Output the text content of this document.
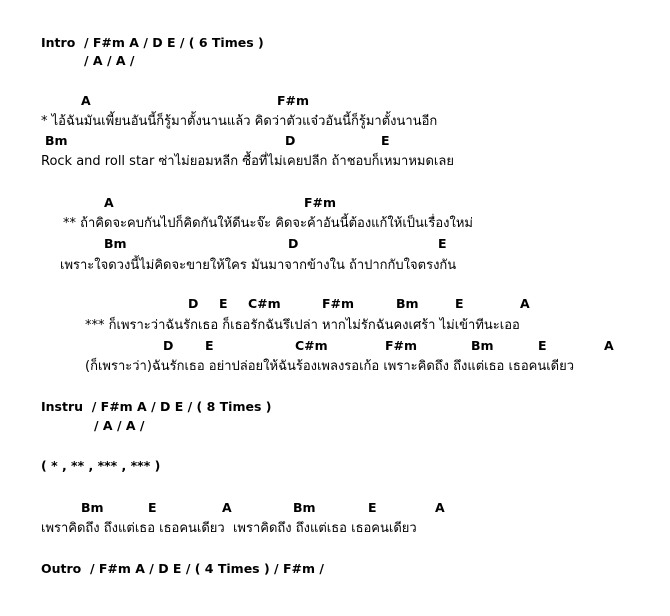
Intro  / F#m A / D E / ( 6 Times )
/ A / A /
A	F#m
* ไอ้ฉันมันเพี้ยนอันนี้ก็รู้มาตั้งนานแล้ว คิดว่าตัวแจ๋วอันนี้ก็รู้มาตั้งนานอีก
Bm	D	E
Rock and roll star ซ่าไม่ยอมหลีก ซื้อที่ไม่เคยปลีก ถ้าชอบก็เหมาหมดเลย
A	F#m
** ถ้าคิดจะคบกันไปก็คิดกันให้ดีนะจ๊ะ คิดจะค้าอันนี้ต้องแก้ให้เป็นเรื่องใหม่
Bm	D	E
เพราะใจดวงนี้ไม่คิดจะขายให้ใคร มันมาจากข้างใน ถ้าปากกับใจตรงกัน
D E C#m	F#m	Bm	E	A
*** ก็เพราะว่าฉันรักเธอ ก็เธอรักฉันรึเปล่า หากไม่รักฉันคงเศร้า ไม่เข้าทีนะเออ
D	E	C#m	F#m	Bm	E	A
(ก็เพราะว่า)ฉันรักเธอ อย่าปล่อยให้ฉันร้องเพลงรอเก้อ เพราะคิดถึง ถึงแต่เธอ เธอคนเดียว
Instru  / F#m A / D E / ( 8 Times )
/ A / A /
( * , ** , *** , *** )
Bm	E	A	Bm	E	A
เพราคิดถึง ถึงแต่เธอ เธอคนเดียว  เพราคิดถึง ถึงแต่เธอ เธอคนเดียว
Outro  / F#m A / D E / ( 4 Times ) / F#m /
